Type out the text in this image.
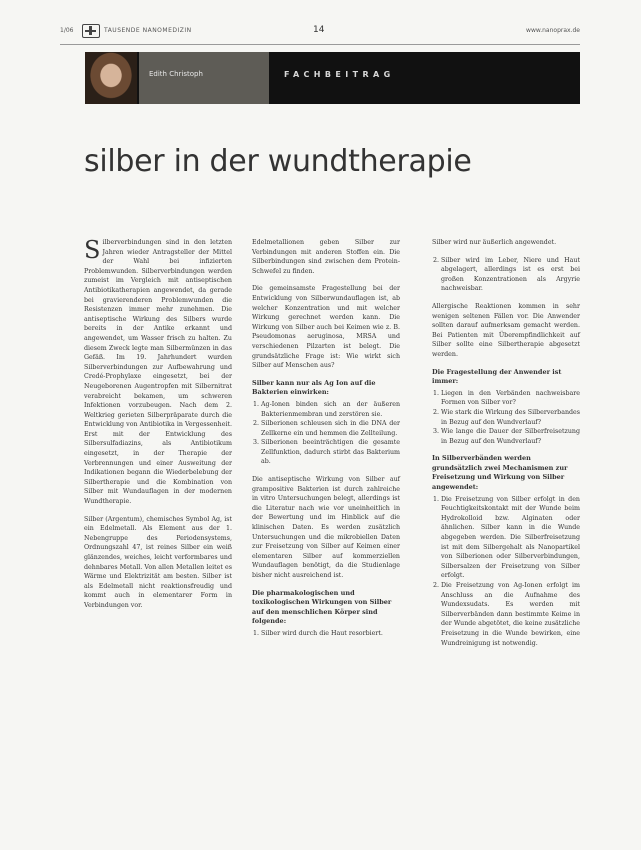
1/06	TAUSENDE NANOMEDIZIN	14	www.nanoprax.de
Edith Christoph	FACHBEITRAG
silber in der wundtherapie

Silberverbindungen sind in den letzten Jahren wieder Antragsteller der Mittel der Wahl bei infizierten Problemwunden. Silberverbindungen werden zumeist im Vergleich mit antiseptischen Antibiotikatherapien angewendet, da gerade bei gravierenderen Problemwunden die Resistenzen immer mehr zunehmen. Die antiseptische Wirkung des Silbers wurde bereits in der Antike erkannt und angewendet, um Wasser frisch zu halten. Zu diesem Zweck legte man Silbermünzen in das Gefäß. Im 19. Jahrhundert wurden Silberverbindungen zur Aufbewahrung und Credé-Prophylaxe eingesetzt, bei der Neugeborenen Augentropfen mit Silbernitrat verabreicht bekamen, um schweren Infektionen vorzubeugen. Nach dem 2. Weltkrieg gerieten Silberpräparate durch die Entwicklung von Antibiotika in Vergessenheit. Erst mit der Entwicklung des Silbersulfadiazins, als Antibiotikum eingesetzt, in der Therapie der Verbrennungen und einer Ausweitung der Indikationen begann die Wiederbelebung der Silbertherapie und die Kombination von Silber mit Wundauflagen in der modernen Wundtherapie.

Silber (Argentum), chemisches Symbol Ag, ist ein Edelmetall. Als Element aus der 1. Nebengruppe des Periodensystems, Ordnungszahl 47, ist reines Silber ein weiß glänzendes, weiches, leicht verformbares und dehnbares Metall. Von allen Metallen leitet es Wärme und Elektrizität am besten. Silber ist als Edelmetall nicht reaktionsfreudig und kommt auch in elementarer Form in Verbindungen vor.

Edelmetallionen geben Silber zur Verbindungen mit anderen Stoffen ein. Die Silberbindungen sind zwischen dem Protein-Schwefel zu finden.

Die gemeinsamste Fragestellung bei der Entwicklung von Silberwundauflagen ist, ab welcher Konzentration und mit welcher Wirkung gerechnet werden kann. Die Wirkung von Silber auch bei Keimen wie z. B. Pseudomonas aeruginosa, MRSA und verschiedenen Pilzarten ist belegt. Die grundsätzliche Frage ist: Wie wirkt sich Silber auf Menschen aus?

Silber kann nur als Ag Ion auf die Bakterien einwirken:
1. Ag-Ionen binden sich an der äußeren Bakterienmembran und zerstören sie.
2. Silberionen schleusen sich in die DNA der Zellkerne ein und hemmen die Zellteilung.
3. Silberionen beeinträchtigen die gesamte Zellfunktion, dadurch stirbt das Bakterium ab.

Die antiseptische Wirkung von Silber auf grampositive Bakterien ist durch zahlreiche in vitro Untersuchungen belegt, allerdings ist die Literatur nach wie vor uneinheitlich in der Bewertung und im Hinblick auf die klinischen Daten. Es werden zusätzlich Untersuchungen und die mikrobiellen Daten zur Freisetzung von Silber auf Keimen einer elementaren Silber auf kommerziellen Wundauflagen benötigt, da die Studienlage bisher nicht ausreichend ist.

Die pharmakologischen und toxikologischen Wirkungen von Silber auf den menschlichen Körper sind folgende:
1. Silber wird durch die Haut resorbiert.

Silber wird nur äußerlich angewendet.

2. Silber wird im Leber, Niere und Haut abgelagert, allerdings ist es erst bei großen Konzentrationen als Argyrie nachweisbar.

Allergische Reaktionen kommen in sehr wenigen seltenen Fällen vor. Die Anwender sollten darauf aufmerksam gemacht werden. Bei Patienten mit Überempfindlichkeit auf Silber sollte eine Silbertherapie abgesetzt werden.

Die Fragestellung der Anwender ist immer:
1. Liegen in den Verbänden nachweisbare Formen von Silber vor?
2. Wie stark die Wirkung des Silberverbandes in Bezug auf den Wundverlauf?
3. Wie lange die Dauer der Silberfreisetzung in Bezug auf den Wundverlauf?
In Silberverbänden werden grundsätzlich zwei Mechanismen zur Freisetzung und Wirkung von Silber angewendet:
1. Die Freisetzung von Silber erfolgt in den Feuchtigkeitskontakt mit der Wunde beim Hydrokolloid bzw. Alginaten oder ähnlichen. Silber kann in die Wunde abgegeben werden. Die Silberfreisetzung ist mit dem Silbergehalt als Nanopartikel von Silberionen oder Silberverbindungen, Silbersalzen der Freisetzung von Silber erfolgt.
2. Die Freisetzung von Ag-Ionen erfolgt im Anschluss an die Aufnahme des Wundexsudats. Es werden mit Silberverbänden dann bestimmte Keime in der Wunde abgetötet, die keine zusätzliche Freisetzung in die Wunde bewirken, eine Wundreinigung ist notwendig.
